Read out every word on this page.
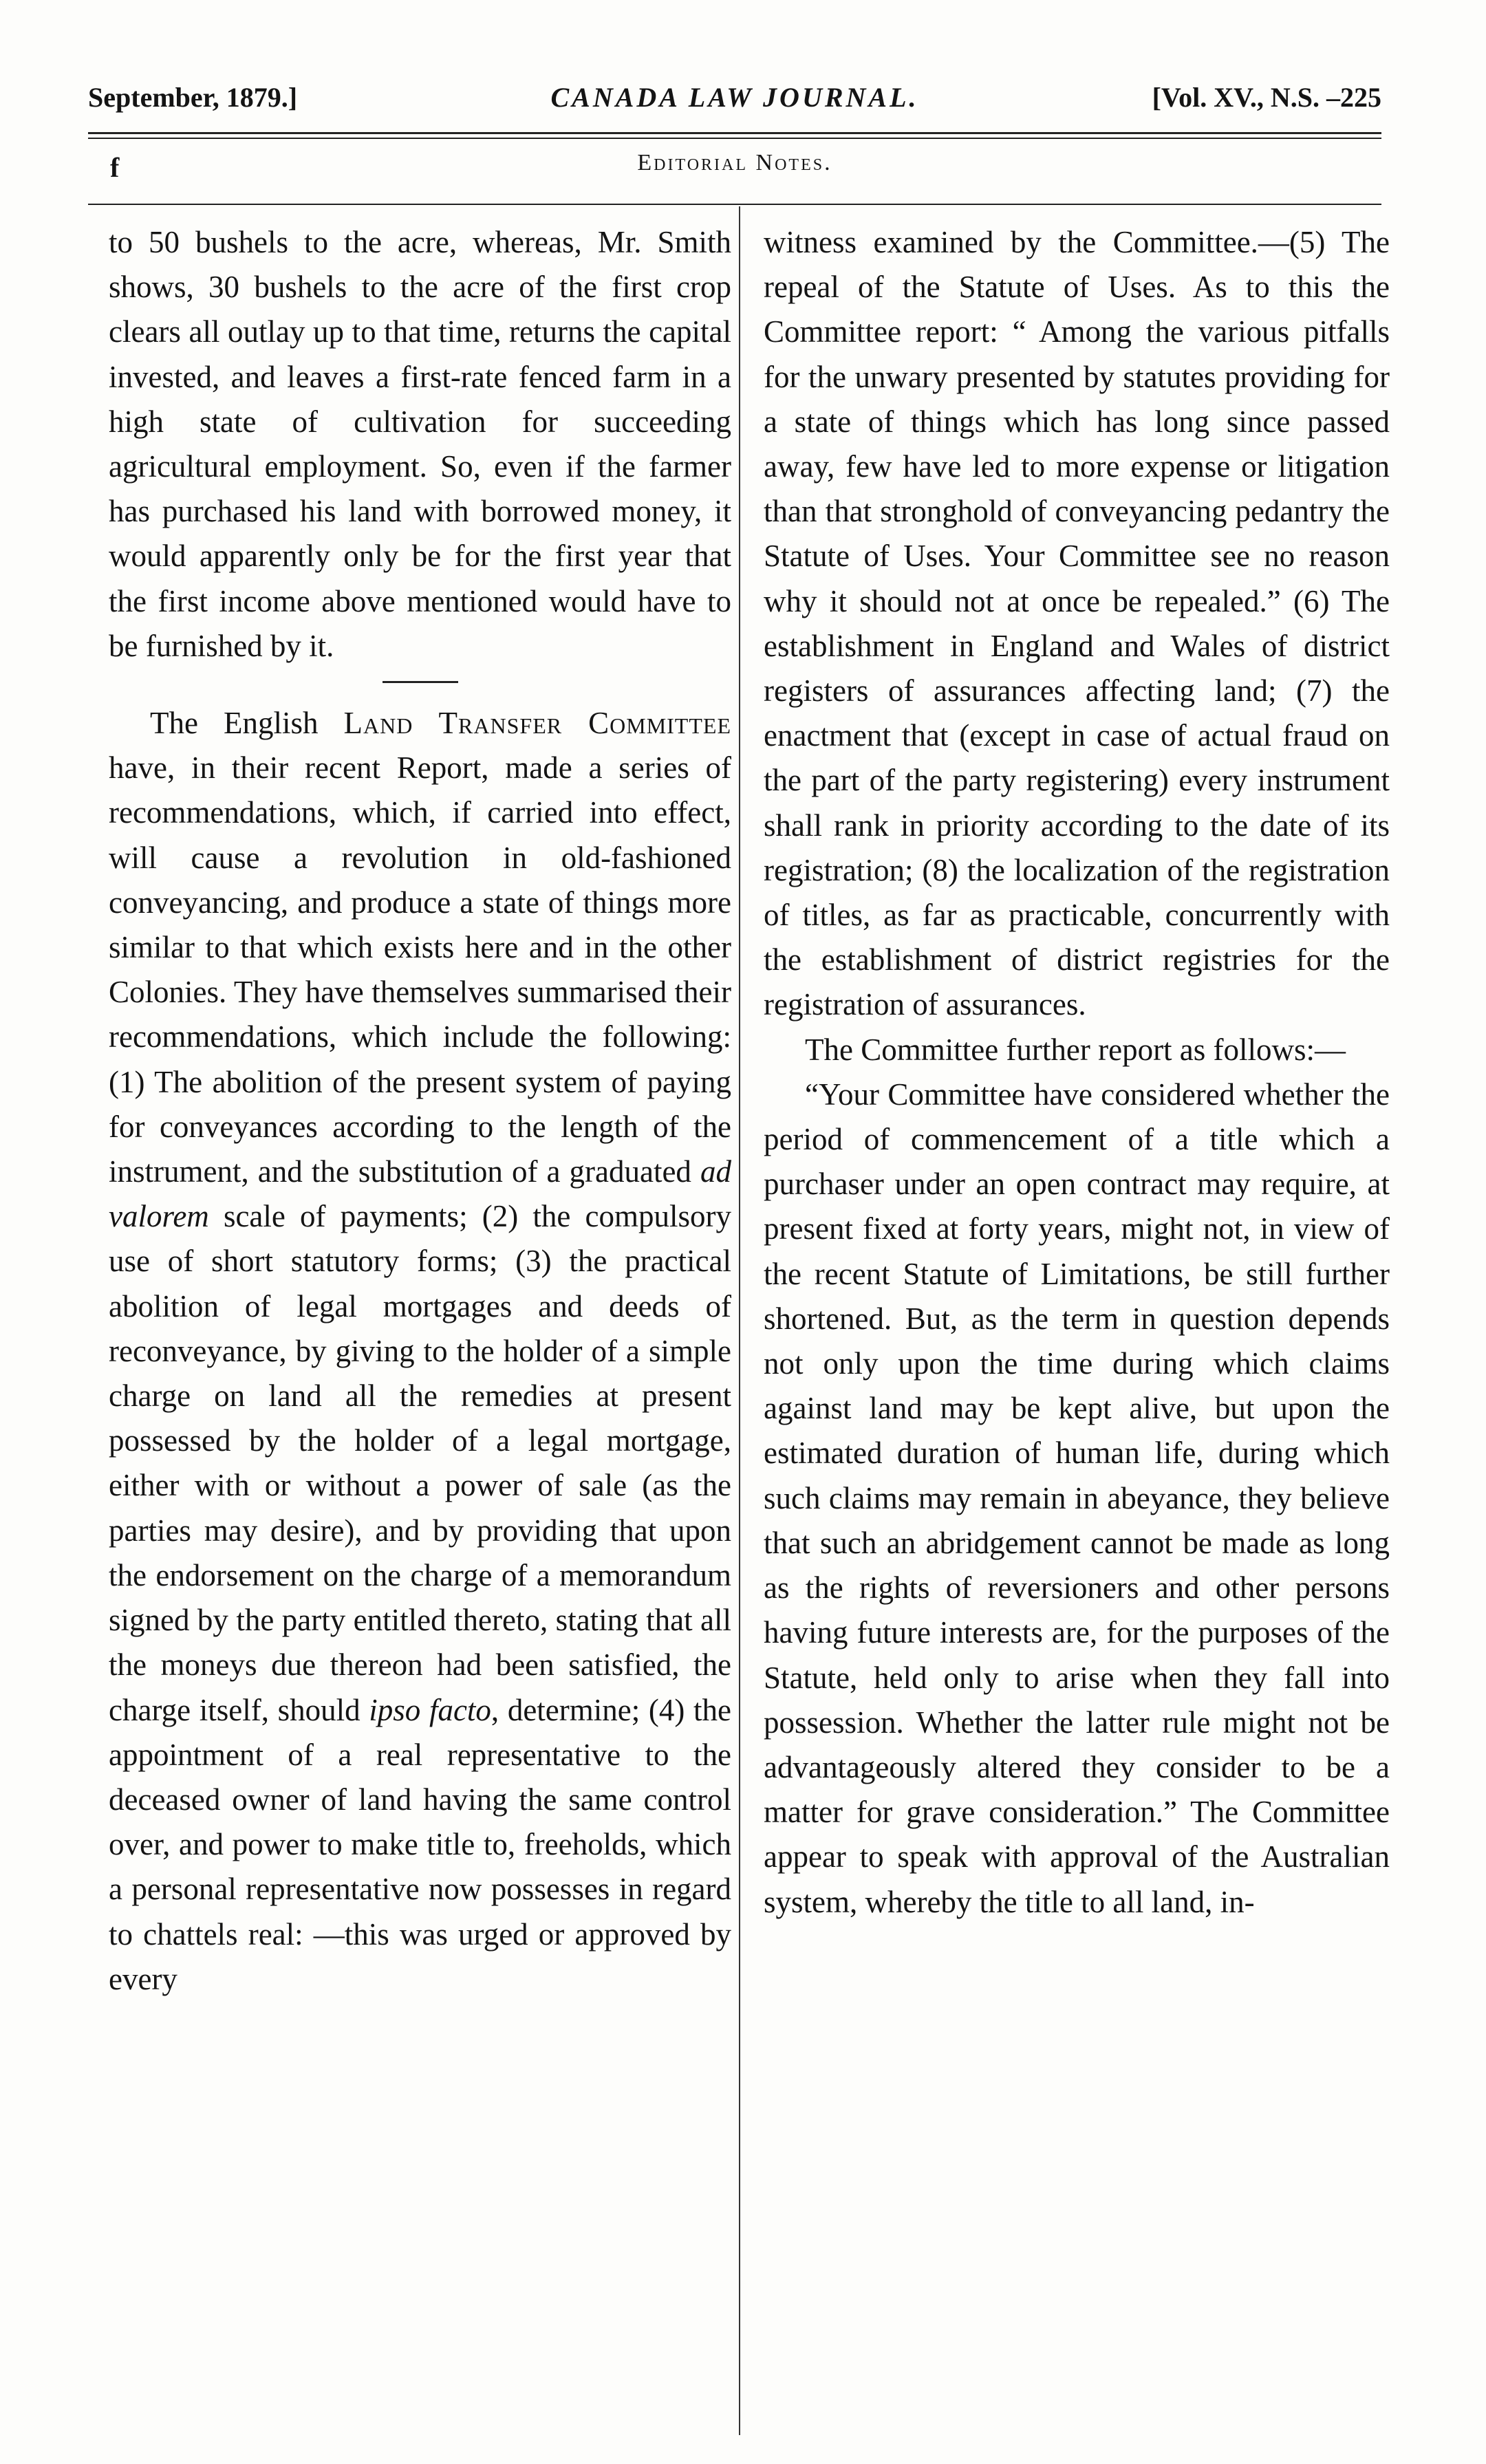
September, 1879.]	CANADA LAW JOURNAL.	[Vol. XV., N.S. –225
f	Editorial Notes.

to 50 bushels to the acre, whereas, Mr. Smith shows, 30 bushels to the acre of the first crop clears all outlay up to that time, returns the capital invested, and leaves a first-rate fenced farm in a high state of cultivation for succeeding agricultural employment. So, even if the farmer has purchased his land with borrowed money, it would apparently only be for the first year that the first income above mentioned would have to be furnished by it.

The English Land Transfer Committee have, in their recent Report, made a series of recommendations, which, if carried into effect, will cause a revolution in old-fashioned conveyancing, and produce a state of things more similar to that which exists here and in the other Colonies. They have themselves summarised their recommendations, which include the following: (1) The abolition of the present system of paying for conveyances according to the length of the instrument, and the substitution of a graduated ad valorem scale of payments; (2) the compulsory use of short statutory forms; (3) the practical abolition of legal mortgages and deeds of reconveyance, by giving to the holder of a simple charge on land all the remedies at present possessed by the holder of a legal mortgage, either with or without a power of sale (as the parties may desire), and by providing that upon the endorsement on the charge of a memorandum signed by the party entitled thereto, stating that all the moneys due thereon had been satisfied, the charge itself, should ipso facto, determine; (4) the appointment of a real representative to the deceased owner of land having the same control over, and power to make title to, freeholds, which a personal representative now possesses in regard to chattels real: —this was urged or approved by every

witness examined by the Committee.—(5) The repeal of the Statute of Uses. As to this the Committee report: “ Among the various pitfalls for the unwary presented by statutes providing for a state of things which has long since passed away, few have led to more expense or litigation than that stronghold of conveyancing pedantry the Statute of Uses. Your Committee see no reason why it should not at once be repealed.” (6) The establishment in England and Wales of district registers of assurances affecting land; (7) the enactment that (except in case of actual fraud on the part of the party registering) every instrument shall rank in priority according to the date of its registration; (8) the localization of the registration of titles, as far as practicable, concurrently with the establishment of district registries for the registration of assurances.

The Committee further report as follows:—

“Your Committee have considered whether the period of commencement of a title which a purchaser under an open contract may require, at present fixed at forty years, might not, in view of the recent Statute of Limitations, be still further shortened. But, as the term in question depends not only upon the time during which claims against land may be kept alive, but upon the estimated duration of human life, during which such claims may remain in abeyance, they believe that such an abridgement cannot be made as long as the rights of reversioners and other persons having future interests are, for the purposes of the Statute, held only to arise when they fall into possession. Whether the latter rule might not be advantageously altered they consider to be a matter for grave consideration.” The Committee appear to speak with approval of the Australian system, whereby the title to all land, in-
